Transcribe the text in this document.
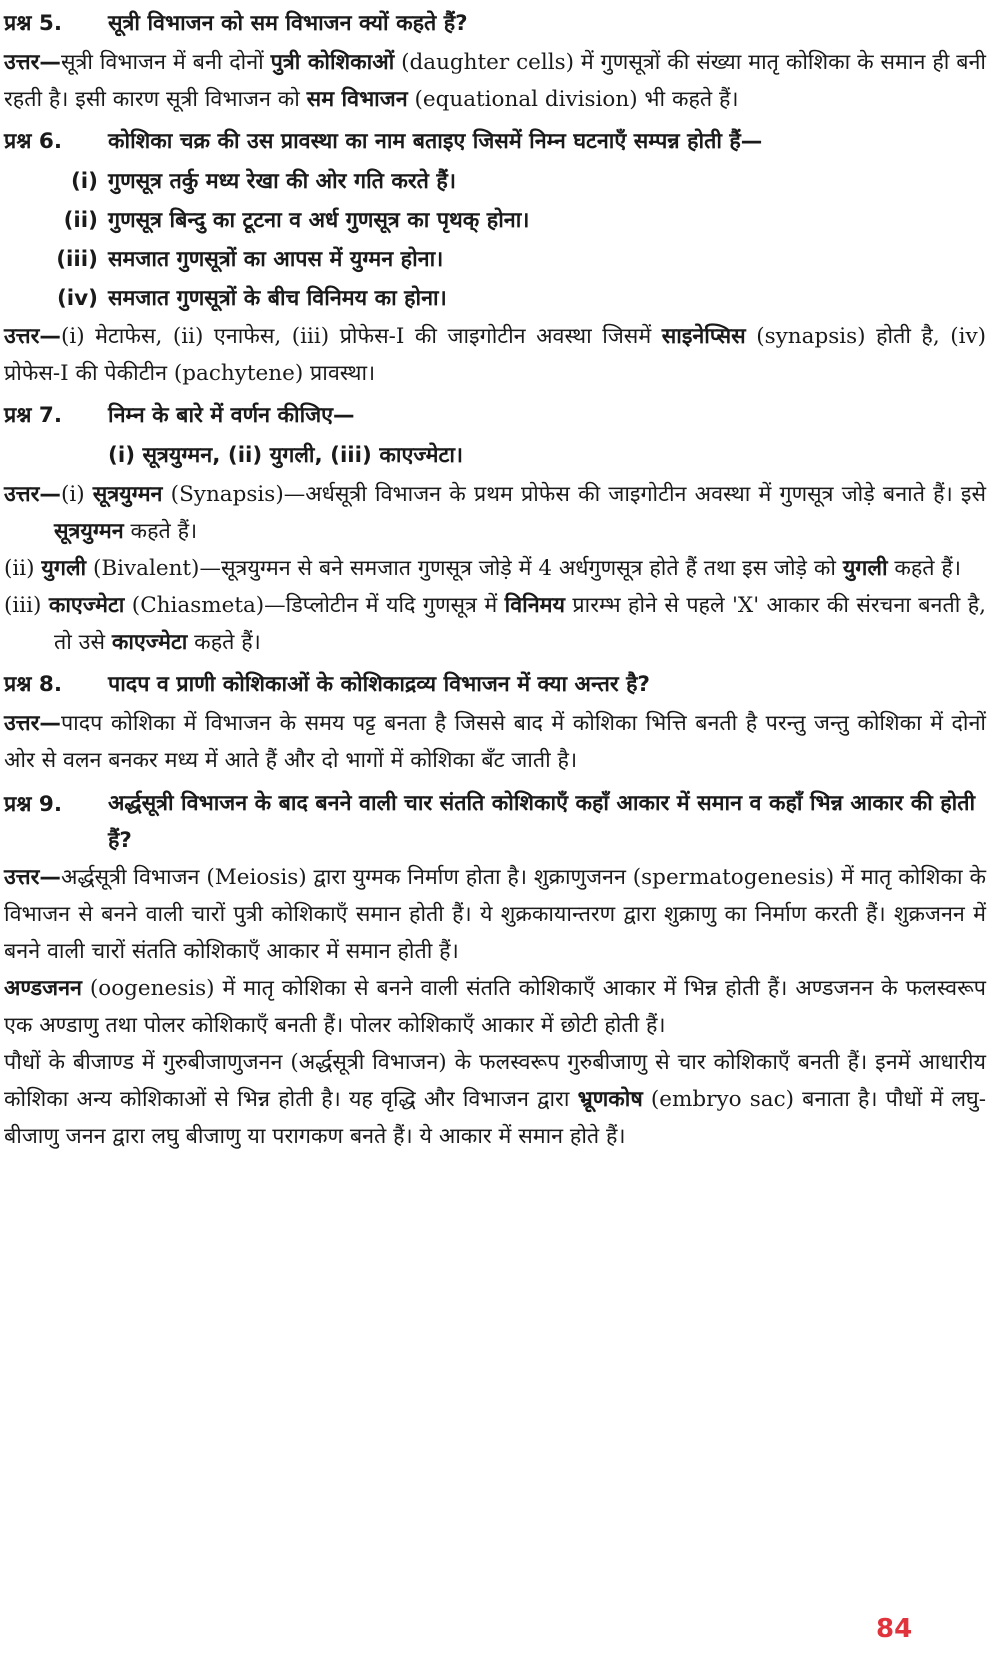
प्रश्न 5.	सूत्री विभाजन को सम विभाजन क्यों कहते हैं?

उत्तर—सूत्री विभाजन में बनी दोनों पुत्री कोशिकाओं (daughter cells) में गुणसूत्रों की संख्या मातृ कोशिका के समान ही बनी रहती है। इसी कारण सूत्री विभाजन को सम विभाजन (equational division) भी कहते हैं।

प्रश्न 6.	कोशिका चक्र की उस प्रावस्था का नाम बताइए जिसमें निम्न घटनाएँ सम्पन्न होती हैं—
(i) गुणसूत्र तर्कु मध्य रेखा की ओर गति करते हैं।
(ii) गुणसूत्र बिन्दु का टूटना व अर्ध गुणसूत्र का पृथक् होना।
(iii) समजात गुणसूत्रों का आपस में युग्मन होना।
(iv) समजात गुणसूत्रों के बीच विनिमय का होना।

उत्तर—(i) मेटाफेस, (ii) एनाफेस, (iii) प्रोफेस-I की जाइगोटीन अवस्था जिसमें साइनेप्सिस (synapsis) होती है, (iv) प्रोफेस-I की पेकीटीन (pachytene) प्रावस्था।

प्रश्न 7.	निम्न के बारे में वर्णन कीजिए—
(i) सूत्रयुग्मन, (ii) युगली, (iii) काएज्मेटा।

उत्तर—(i) सूत्रयुग्मन (Synapsis)—अर्धसूत्री विभाजन के प्रथम प्रोफेस की जाइगोटीन अवस्था में गुणसूत्र जोड़े बनाते हैं। इसे सूत्रयुग्मन कहते हैं।

(ii) युगली (Bivalent)—सूत्रयुग्मन से बने समजात गुणसूत्र जोड़े में 4 अर्धगुणसूत्र होते हैं तथा इस जोड़े को युगली कहते हैं।

(iii) काएज्मेटा (Chiasmeta)—डिप्लोटीन में यदि गुणसूत्र में विनिमय प्रारम्भ होने से पहले 'X' आकार की संरचना बनती है, तो उसे काएज्मेटा कहते हैं।

प्रश्न 8.	पादप व प्राणी कोशिकाओं के कोशिकाद्रव्य विभाजन में क्या अन्तर है?

उत्तर—पादप कोशिका में विभाजन के समय पट्ट बनता है जिससे बाद में कोशिका भित्ति बनती है परन्तु जन्तु कोशिका में दोनों ओर से वलन बनकर मध्य में आते हैं और दो भागों में कोशिका बँट जाती है।

प्रश्न 9.	अर्द्धसूत्री विभाजन के बाद बनने वाली चार संतति कोशिकाएँ कहाँ आकार में समान व कहाँ भिन्न आकार की होती हैं?

उत्तर—अर्द्धसूत्री विभाजन (Meiosis) द्वारा युग्मक निर्माण होता है। शुक्राणुजनन (spermatogenesis) में मातृ कोशिका के विभाजन से बनने वाली चारों पुत्री कोशिकाएँ समान होती हैं। ये शुक्रकायान्तरण द्वारा शुक्राणु का निर्माण करती हैं। शुक्रजनन में बनने वाली चारों संतति कोशिकाएँ आकार में समान होती हैं।

अण्डजनन (oogenesis) में मातृ कोशिका से बनने वाली संतति कोशिकाएँ आकार में भिन्न होती हैं। अण्डजनन के फलस्वरूप एक अण्डाणु तथा पोलर कोशिकाएँ बनती हैं। पोलर कोशिकाएँ आकार में छोटी होती हैं।

पौधों के बीजाण्ड में गुरुबीजाणुजनन (अर्द्धसूत्री विभाजन) के फलस्वरूप गुरुबीजाणु से चार कोशिकाएँ बनती हैं। इनमें आधारीय कोशिका अन्य कोशिकाओं से भिन्न होती है। यह वृद्धि और विभाजन द्वारा भ्रूणकोष (embryo sac) बनाता है। पौधों में लघु-बीजाणु जनन द्वारा लघु बीजाणु या परागकण बनते हैं। ये आकार में समान होते हैं।

84
